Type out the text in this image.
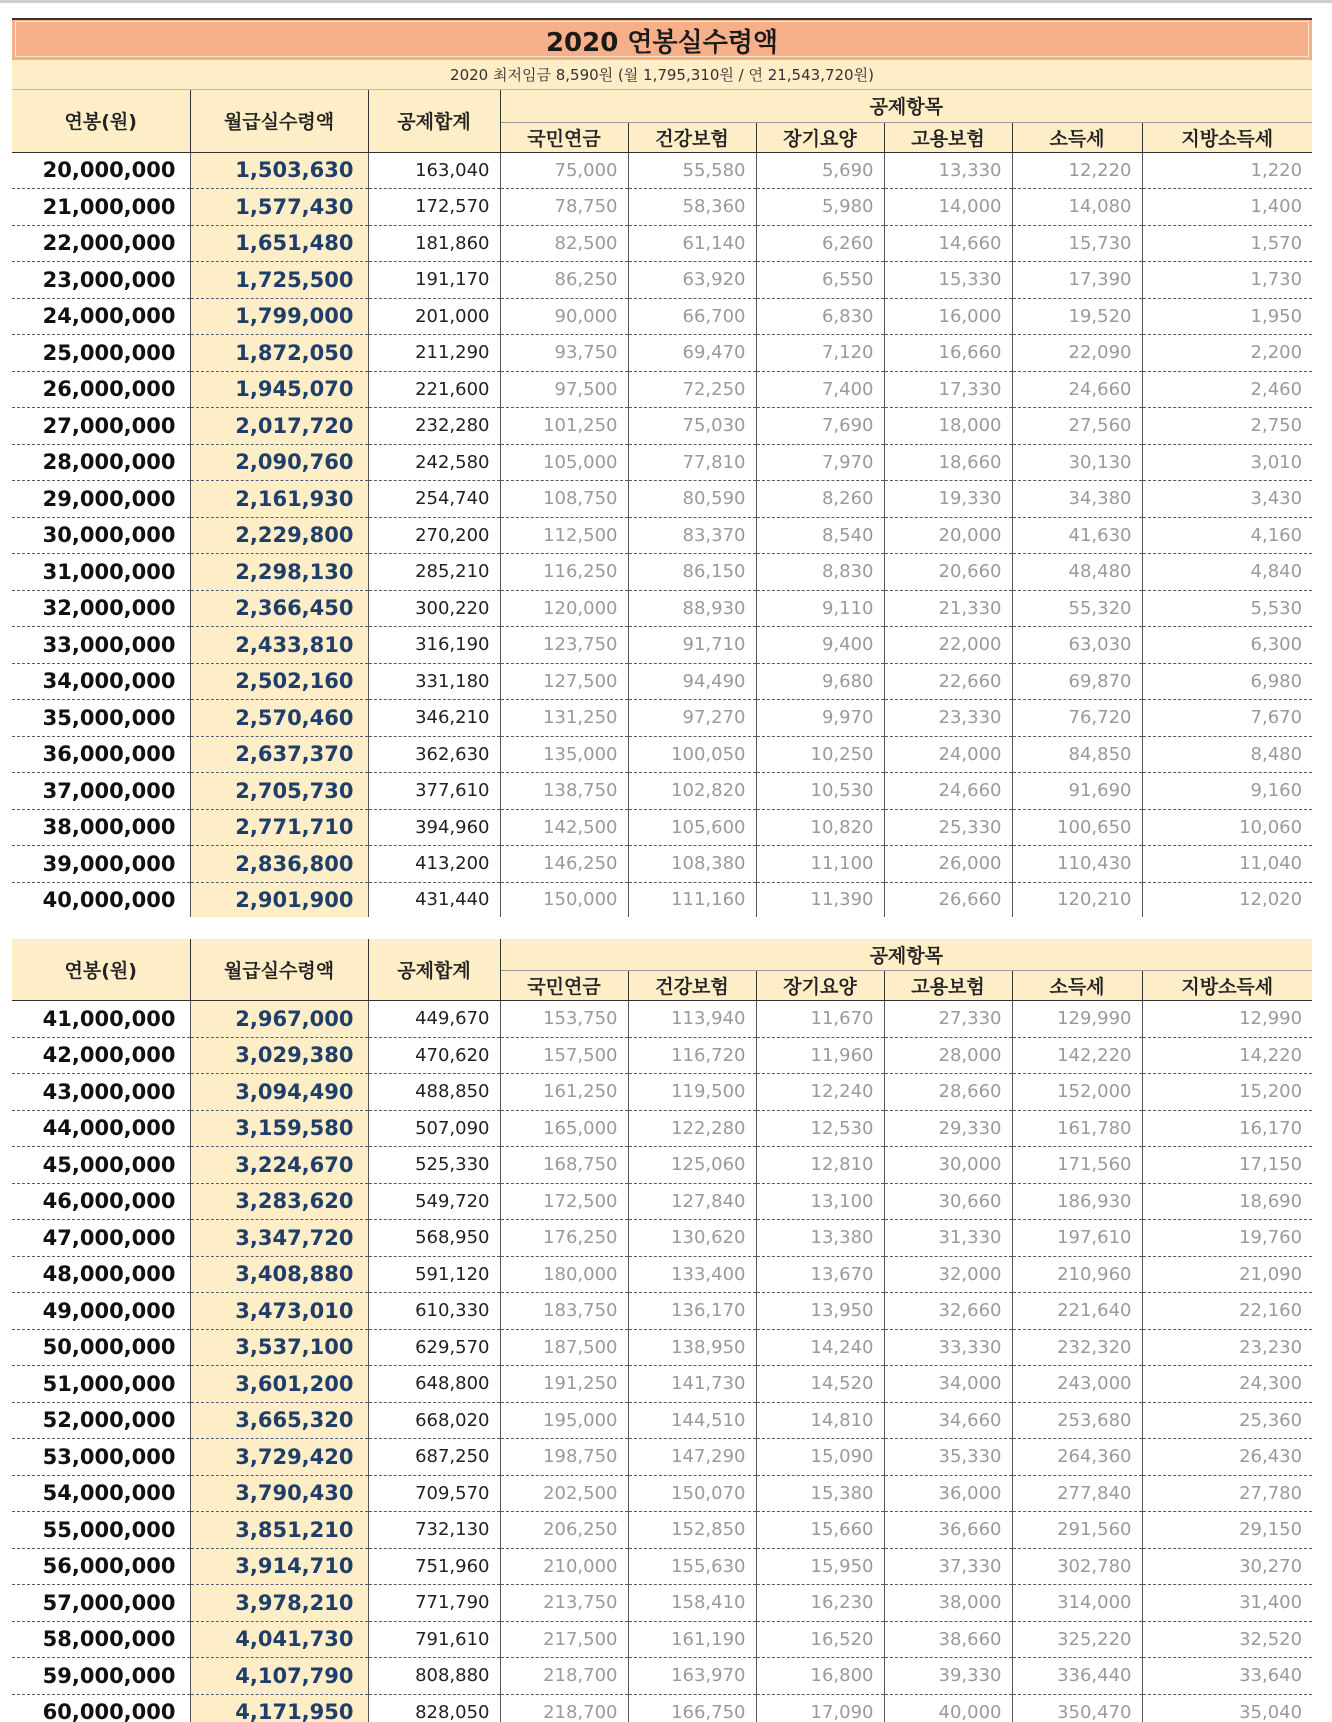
2020 연봉실수령액
2020 최저임금 8,590원 (월 1,795,310원 / 연 21,543,720원)
연봉(원)	월급실수령액	공제합계	공제항목					
			국민연금	건강보험	장기요양	고용보험	소득세	지방소득세
20,000,000	1,503,630	163,040	75,000	55,580	5,690	13,330	12,220	1,220
21,000,000	1,577,430	172,570	78,750	58,360	5,980	14,000	14,080	1,400
22,000,000	1,651,480	181,860	82,500	61,140	6,260	14,660	15,730	1,570
23,000,000	1,725,500	191,170	86,250	63,920	6,550	15,330	17,390	1,730
24,000,000	1,799,000	201,000	90,000	66,700	6,830	16,000	19,520	1,950
25,000,000	1,872,050	211,290	93,750	69,470	7,120	16,660	22,090	2,200
26,000,000	1,945,070	221,600	97,500	72,250	7,400	17,330	24,660	2,460
27,000,000	2,017,720	232,280	101,250	75,030	7,690	18,000	27,560	2,750
28,000,000	2,090,760	242,580	105,000	77,810	7,970	18,660	30,130	3,010
29,000,000	2,161,930	254,740	108,750	80,590	8,260	19,330	34,380	3,430
30,000,000	2,229,800	270,200	112,500	83,370	8,540	20,000	41,630	4,160
31,000,000	2,298,130	285,210	116,250	86,150	8,830	20,660	48,480	4,840
32,000,000	2,366,450	300,220	120,000	88,930	9,110	21,330	55,320	5,530
33,000,000	2,433,810	316,190	123,750	91,710	9,400	22,000	63,030	6,300
34,000,000	2,502,160	331,180	127,500	94,490	9,680	22,660	69,870	6,980
35,000,000	2,570,460	346,210	131,250	97,270	9,970	23,330	76,720	7,670
36,000,000	2,637,370	362,630	135,000	100,050	10,250	24,000	84,850	8,480
37,000,000	2,705,730	377,610	138,750	102,820	10,530	24,660	91,690	9,160
38,000,000	2,771,710	394,960	142,500	105,600	10,820	25,330	100,650	10,060
39,000,000	2,836,800	413,200	146,250	108,380	11,100	26,000	110,430	11,040
40,000,000	2,901,900	431,440	150,000	111,160	11,390	26,660	120,210	12,020
연봉(원)	월급실수령액	공제합계	공제항목					
			국민연금	건강보험	장기요양	고용보험	소득세	지방소득세
41,000,000	2,967,000	449,670	153,750	113,940	11,670	27,330	129,990	12,990
42,000,000	3,029,380	470,620	157,500	116,720	11,960	28,000	142,220	14,220
43,000,000	3,094,490	488,850	161,250	119,500	12,240	28,660	152,000	15,200
44,000,000	3,159,580	507,090	165,000	122,280	12,530	29,330	161,780	16,170
45,000,000	3,224,670	525,330	168,750	125,060	12,810	30,000	171,560	17,150
46,000,000	3,283,620	549,720	172,500	127,840	13,100	30,660	186,930	18,690
47,000,000	3,347,720	568,950	176,250	130,620	13,380	31,330	197,610	19,760
48,000,000	3,408,880	591,120	180,000	133,400	13,670	32,000	210,960	21,090
49,000,000	3,473,010	610,330	183,750	136,170	13,950	32,660	221,640	22,160
50,000,000	3,537,100	629,570	187,500	138,950	14,240	33,330	232,320	23,230
51,000,000	3,601,200	648,800	191,250	141,730	14,520	34,000	243,000	24,300
52,000,000	3,665,320	668,020	195,000	144,510	14,810	34,660	253,680	25,360
53,000,000	3,729,420	687,250	198,750	147,290	15,090	35,330	264,360	26,430
54,000,000	3,790,430	709,570	202,500	150,070	15,380	36,000	277,840	27,780
55,000,000	3,851,210	732,130	206,250	152,850	15,660	36,660	291,560	29,150
56,000,000	3,914,710	751,960	210,000	155,630	15,950	37,330	302,780	30,270
57,000,000	3,978,210	771,790	213,750	158,410	16,230	38,000	314,000	31,400
58,000,000	4,041,730	791,610	217,500	161,190	16,520	38,660	325,220	32,520
59,000,000	4,107,790	808,880	218,700	163,970	16,800	39,330	336,440	33,640
60,000,000	4,171,950	828,050	218,700	166,750	17,090	40,000	350,470	35,040
